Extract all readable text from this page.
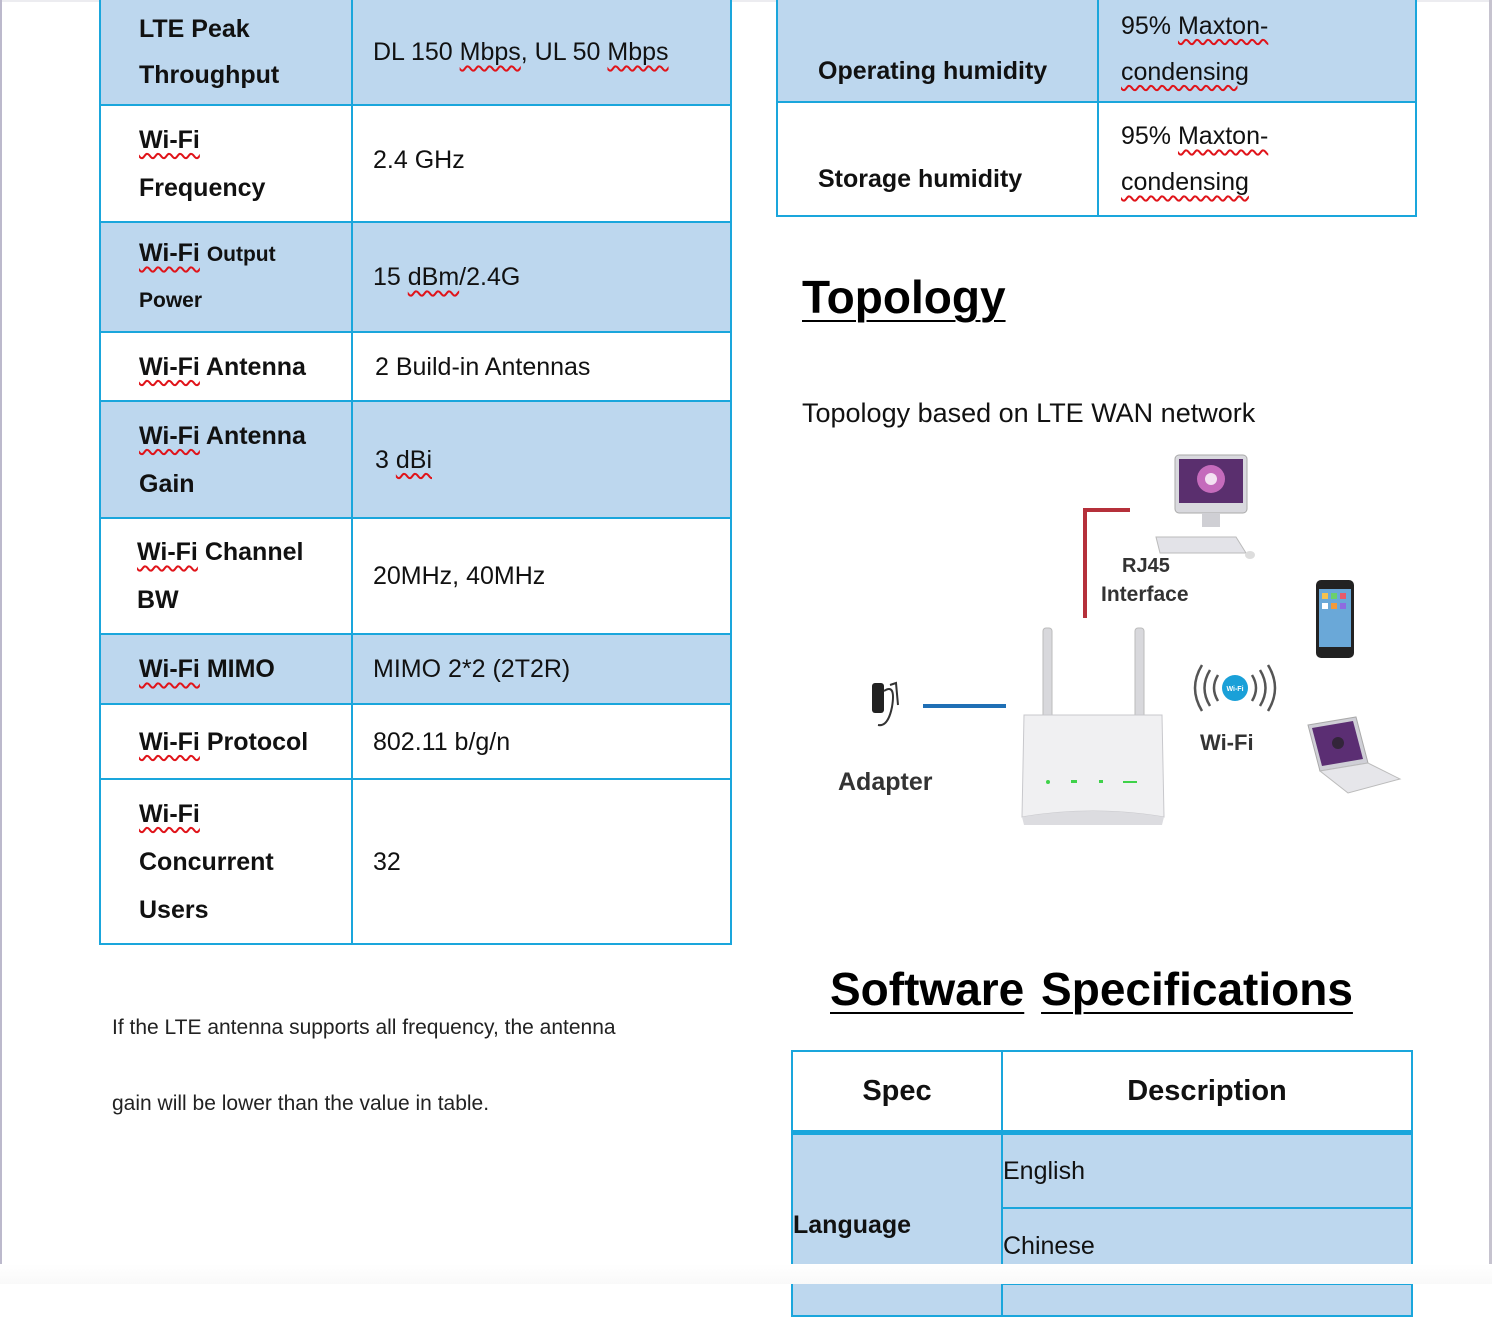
LTE Peak
Throughput	DL 150 Mbps, UL 50 Mbps

Wi-Fi
Frequency	2.4 GHz

Wi-Fi Output
Power	15 dBm/2.4G

Wi-Fi Antenna	2 Build-in Antennas

Wi-Fi Antenna
Gain	3 dBi

Wi-Fi Channel
BW	20MHz, 40MHz

Wi-Fi MIMO	MIMO 2*2 (2T2R)

Wi-Fi Protocol	802.11 b/g/n

Wi-Fi
Concurrent
Users	32
If the LTE antenna supports all frequency, the antenna
gain will be lower than the value in table.
Operating humidity	95% Maxton-
condensing

Storage humidity	95% Maxton-
condensing
Topology
Topology based on LTE WAN network
Wi-Fi
RJ45
Interface
Adapter
Wi-Fi
Software Specifications
Spec	Description
Language	English
	Chinese
